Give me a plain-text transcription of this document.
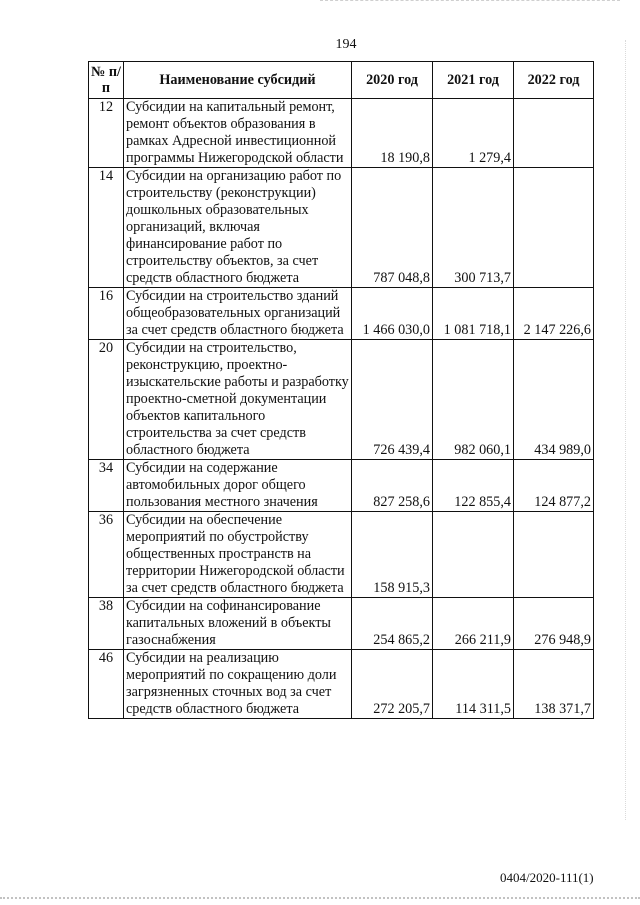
194
№ п/п	Наименование субсидий	2020 год	2021 год	2022 год
12	Субсидии на капитальный ремонт, ремонт объектов образования в рамках Адресной инвестиционной программы Нижегородской области	18 190,8	1 279,4	
14	Субсидии на организацию работ по строительству (реконструкции) дошкольных образовательных организаций, включая финансирование работ по строительству объектов, за счет средств областного бюджета	787 048,8	300 713,7	
16	Субсидии на строительство зданий общеобразовательных организаций за счет средств областного бюджета	1 466 030,0	1 081 718,1	2 147 226,6
20	Субсидии на строительство, реконструкцию, проектно-изыскательские работы и разработку проектно-сметной документации объектов капитального строительства за счет средств областного бюджета	726 439,4	982 060,1	434 989,0
34	Субсидии на содержание автомобильных дорог общего пользования местного значения	827 258,6	122 855,4	124 877,2
36	Субсидии на обеспечение мероприятий по обустройству общественных пространств на территории Нижегородской области за счет средств областного бюджета	158 915,3		
38	Субсидии на софинансирование капитальных вложений в объекты газоснабжения	254 865,2	266 211,9	276 948,9
46	Субсидии на реализацию мероприятий по сокращению доли загрязненных сточных вод за счет средств областного бюджета	272 205,7	114 311,5	138 371,7
0404/2020-111(1)
